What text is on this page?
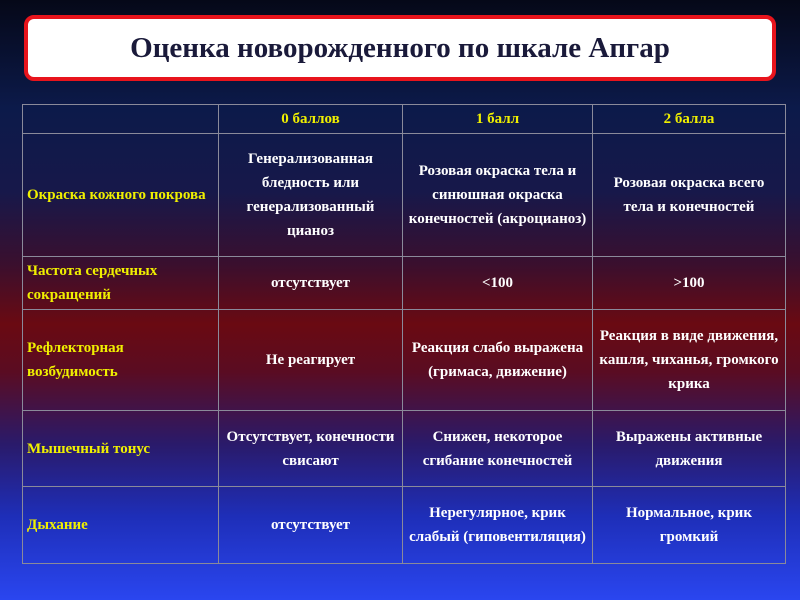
Оценка новорожденного по шкале Апгар
	0 баллов	1 балл	2 балла
Окраска кожного покрова	Генерализованная бледность или генерализованный цианоз	Розовая окраска тела и синюшная окраска конечностей (акроцианоз)	Розовая окраска всего тела и конечностей
Частота сердечных сокращений	отсутствует	<100	>100
Рефлекторная возбудимость	Не реагирует	Реакция слабо выражена (гримаса, движение)	Реакция в виде движения, кашля, чиханья, громкого крика
Мышечный тонус	Отсутствует, конечности свисают	Снижен, некоторое сгибание конечностей	Выражены активные движения
Дыхание	отсутствует	Нерегулярное, крик слабый (гиповентиляция)	Нормальное, крик громкий
